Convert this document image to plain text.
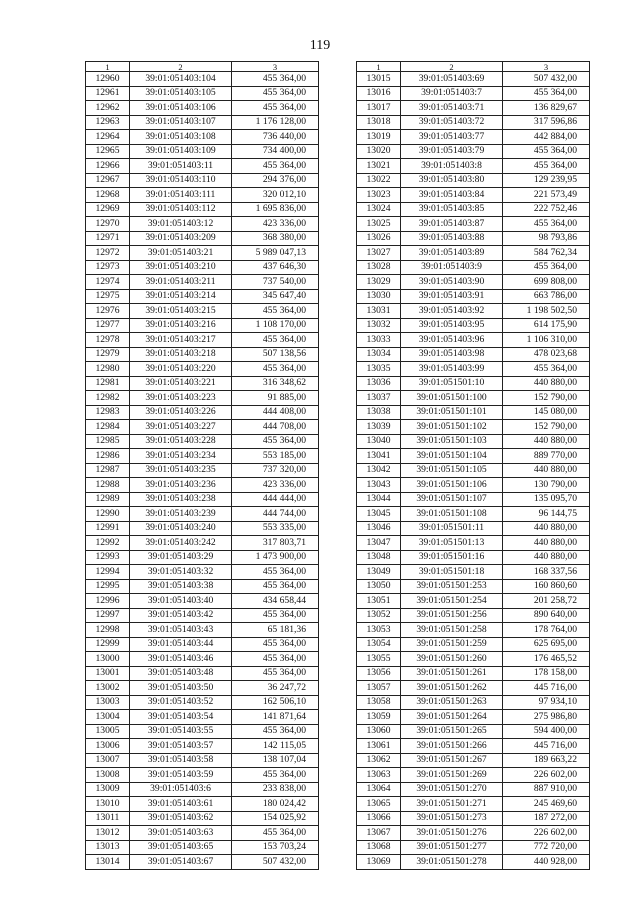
119
1	2	3
12960	39:01:051403:104	455 364,00
12961	39:01:051403:105	455 364,00
12962	39:01:051403:106	455 364,00
12963	39:01:051403:107	1 176 128,00
12964	39:01:051403:108	736 440,00
12965	39:01:051403:109	734 400,00
12966	39:01:051403:11	455 364,00
12967	39:01:051403:110	294 376,00
12968	39:01:051403:111	320 012,10
12969	39:01:051403:112	1 695 836,00
12970	39:01:051403:12	423 336,00
12971	39:01:051403:209	368 380,00
12972	39:01:051403:21	5 989 047,13
12973	39:01:051403:210	437 646,30
12974	39:01:051403:211	737 540,00
12975	39:01:051403:214	345 647,40
12976	39:01:051403:215	455 364,00
12977	39:01:051403:216	1 108 170,00
12978	39:01:051403:217	455 364,00
12979	39:01:051403:218	507 138,56
12980	39:01:051403:220	455 364,00
12981	39:01:051403:221	316 348,62
12982	39:01:051403:223	91 885,00
12983	39:01:051403:226	444 408,00
12984	39:01:051403:227	444 708,00
12985	39:01:051403:228	455 364,00
12986	39:01:051403:234	553 185,00
12987	39:01:051403:235	737 320,00
12988	39:01:051403:236	423 336,00
12989	39:01:051403:238	444 444,00
12990	39:01:051403:239	444 744,00
12991	39:01:051403:240	553 335,00
12992	39:01:051403:242	317 803,71
12993	39:01:051403:29	1 473 900,00
12994	39:01:051403:32	455 364,00
12995	39:01:051403:38	455 364,00
12996	39:01:051403:40	434 658,44
12997	39:01:051403:42	455 364,00
12998	39:01:051403:43	65 181,36
12999	39:01:051403:44	455 364,00
13000	39:01:051403:46	455 364,00
13001	39:01:051403:48	455 364,00
13002	39:01:051403:50	36 247,72
13003	39:01:051403:52	162 506,10
13004	39:01:051403:54	141 871,64
13005	39:01:051403:55	455 364,00
13006	39:01:051403:57	142 115,05
13007	39:01:051403:58	138 107,04
13008	39:01:051403:59	455 364,00
13009	39:01:051403:6	233 838,00
13010	39:01:051403:61	180 024,42
13011	39:01:051403:62	154 025,92
13012	39:01:051403:63	455 364,00
13013	39:01:051403:65	153 703,24
13014	39:01:051403:67	507 432,00
1	2	3
13015	39:01:051403:69	507 432,00
13016	39:01:051403:7	455 364,00
13017	39:01:051403:71	136 829,67
13018	39:01:051403:72	317 596,86
13019	39:01:051403:77	442 884,00
13020	39:01:051403:79	455 364,00
13021	39:01:051403:8	455 364,00
13022	39:01:051403:80	129 239,95
13023	39:01:051403:84	221 573,49
13024	39:01:051403:85	222 752,46
13025	39:01:051403:87	455 364,00
13026	39:01:051403:88	98 793,86
13027	39:01:051403:89	584 762,34
13028	39:01:051403:9	455 364,00
13029	39:01:051403:90	699 808,00
13030	39:01:051403:91	663 786,00
13031	39:01:051403:92	1 198 502,50
13032	39:01:051403:95	614 175,90
13033	39:01:051403:96	1 106 310,00
13034	39:01:051403:98	478 023,68
13035	39:01:051403:99	455 364,00
13036	39:01:051501:10	440 880,00
13037	39:01:051501:100	152 790,00
13038	39:01:051501:101	145 080,00
13039	39:01:051501:102	152 790,00
13040	39:01:051501:103	440 880,00
13041	39:01:051501:104	889 770,00
13042	39:01:051501:105	440 880,00
13043	39:01:051501:106	130 790,00
13044	39:01:051501:107	135 095,70
13045	39:01:051501:108	96 144,75
13046	39:01:051501:11	440 880,00
13047	39:01:051501:13	440 880,00
13048	39:01:051501:16	440 880,00
13049	39:01:051501:18	168 337,56
13050	39:01:051501:253	160 860,60
13051	39:01:051501:254	201 258,72
13052	39:01:051501:256	890 640,00
13053	39:01:051501:258	178 764,00
13054	39:01:051501:259	625 695,00
13055	39:01:051501:260	176 465,52
13056	39:01:051501:261	178 158,00
13057	39:01:051501:262	445 716,00
13058	39:01:051501:263	97 934,10
13059	39:01:051501:264	275 986,80
13060	39:01:051501:265	594 400,00
13061	39:01:051501:266	445 716,00
13062	39:01:051501:267	189 663,22
13063	39:01:051501:269	226 602,00
13064	39:01:051501:270	887 910,00
13065	39:01:051501:271	245 469,60
13066	39:01:051501:273	187 272,00
13067	39:01:051501:276	226 602,00
13068	39:01:051501:277	772 720,00
13069	39:01:051501:278	440 928,00
